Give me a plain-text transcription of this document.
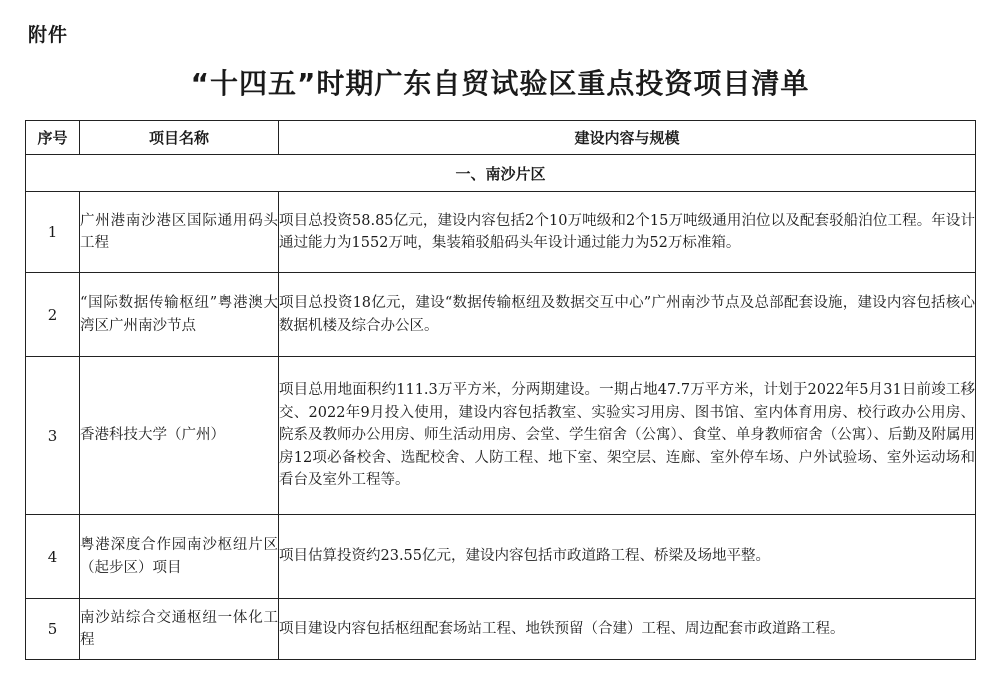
附件
“十四五”时期广东自贸试验区重点投资项目清单
序号	项目名称	建设内容与规模
一、南沙片区		
1	广州港南沙港区国际通用码头工程	项目总投资58.85亿元，建设内容包括2个10万吨级和2个15万吨级通用泊位以及配套驳船泊位工程。年设计通过能力为1552万吨，集装箱驳船码头年设计通过能力为52万标准箱。
2	“国际数据传输枢纽”粤港澳大湾区广州南沙节点	项目总投资18亿元，建设“数据传输枢纽及数据交互中心”广州南沙节点及总部配套设施，建设内容包括核心数据机楼及综合办公区。
3	香港科技大学（广州）	项目总用地面积约111.3万平方米，分两期建设。一期占地47.7万平方米，计划于2022年5月31日前竣工移交、2022年9月投入使用，建设内容包括教室、实验实习用房、图书馆、室内体育用房、校行政办公用房、院系及教师办公用房、师生活动用房、会堂、学生宿舍（公寓）、食堂、单身教师宿舍（公寓）、后勤及附属用房12项必备校舍、选配校舍、人防工程、地下室、架空层、连廊、室外停车场、户外试验场、室外运动场和看台及室外工程等。
4	粤港深度合作园南沙枢纽片区（起步区）项目	项目估算投资约23.55亿元，建设内容包括市政道路工程、桥梁及场地平整。
5	南沙站综合交通枢纽一体化工程	项目建设内容包括枢纽配套场站工程、地铁预留（合建）工程、周边配套市政道路工程。
